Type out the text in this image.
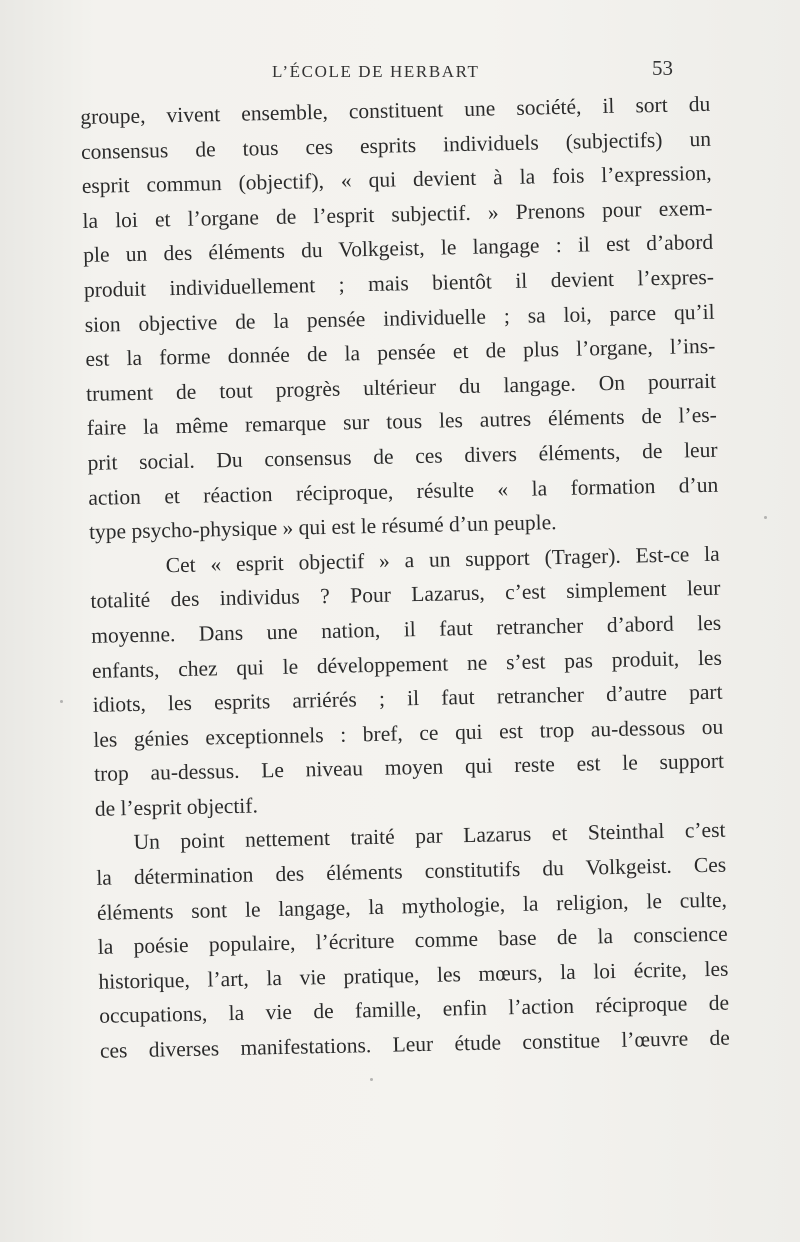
L’ÉCOLE DE HERBART	53
groupe, vivent ensemble, constituent une société, il sort du
consensus de tous ces esprits individuels (subjectifs) un
esprit commun (objectif), « qui devient à la fois l’expression,
la loi et l’organe de l’esprit subjectif. » Prenons pour exem-
ple un des éléments du Volkgeist, le langage : il est d’abord
produit individuellement ; mais bientôt il devient l’expres-
sion objective de la pensée individuelle ; sa loi, parce qu’il
est la forme donnée de la pensée et de plus l’organe, l’ins-
trument de tout progrès ultérieur du langage. On pourrait
faire la même remarque sur tous les autres éléments de l’es-
prit social. Du consensus de ces divers éléments, de leur
action et réaction réciproque, résulte « la formation d’un
type psycho-physique » qui est le résumé d’un peuple.
Cet « esprit objectif » a un support (Trager). Est-ce la
totalité des individus ? Pour Lazarus, c’est simplement leur
moyenne. Dans une nation, il faut retrancher d’abord les
enfants, chez qui le développement ne s’est pas produit, les
idiots, les esprits arriérés ; il faut retrancher d’autre part
les génies exceptionnels : bref, ce qui est trop au-dessous ou
trop au-dessus. Le niveau moyen qui reste est le support
de l’esprit objectif.
Un point nettement traité par Lazarus et Steinthal c’est
la détermination des éléments constitutifs du Volkgeist. Ces
éléments sont le langage, la mythologie, la religion, le culte,
la poésie populaire, l’écriture comme base de la conscience
historique, l’art, la vie pratique, les mœurs, la loi écrite, les
occupations, la vie de famille, enfin l’action réciproque de
ces diverses manifestations. Leur étude constitue l’œuvre de
